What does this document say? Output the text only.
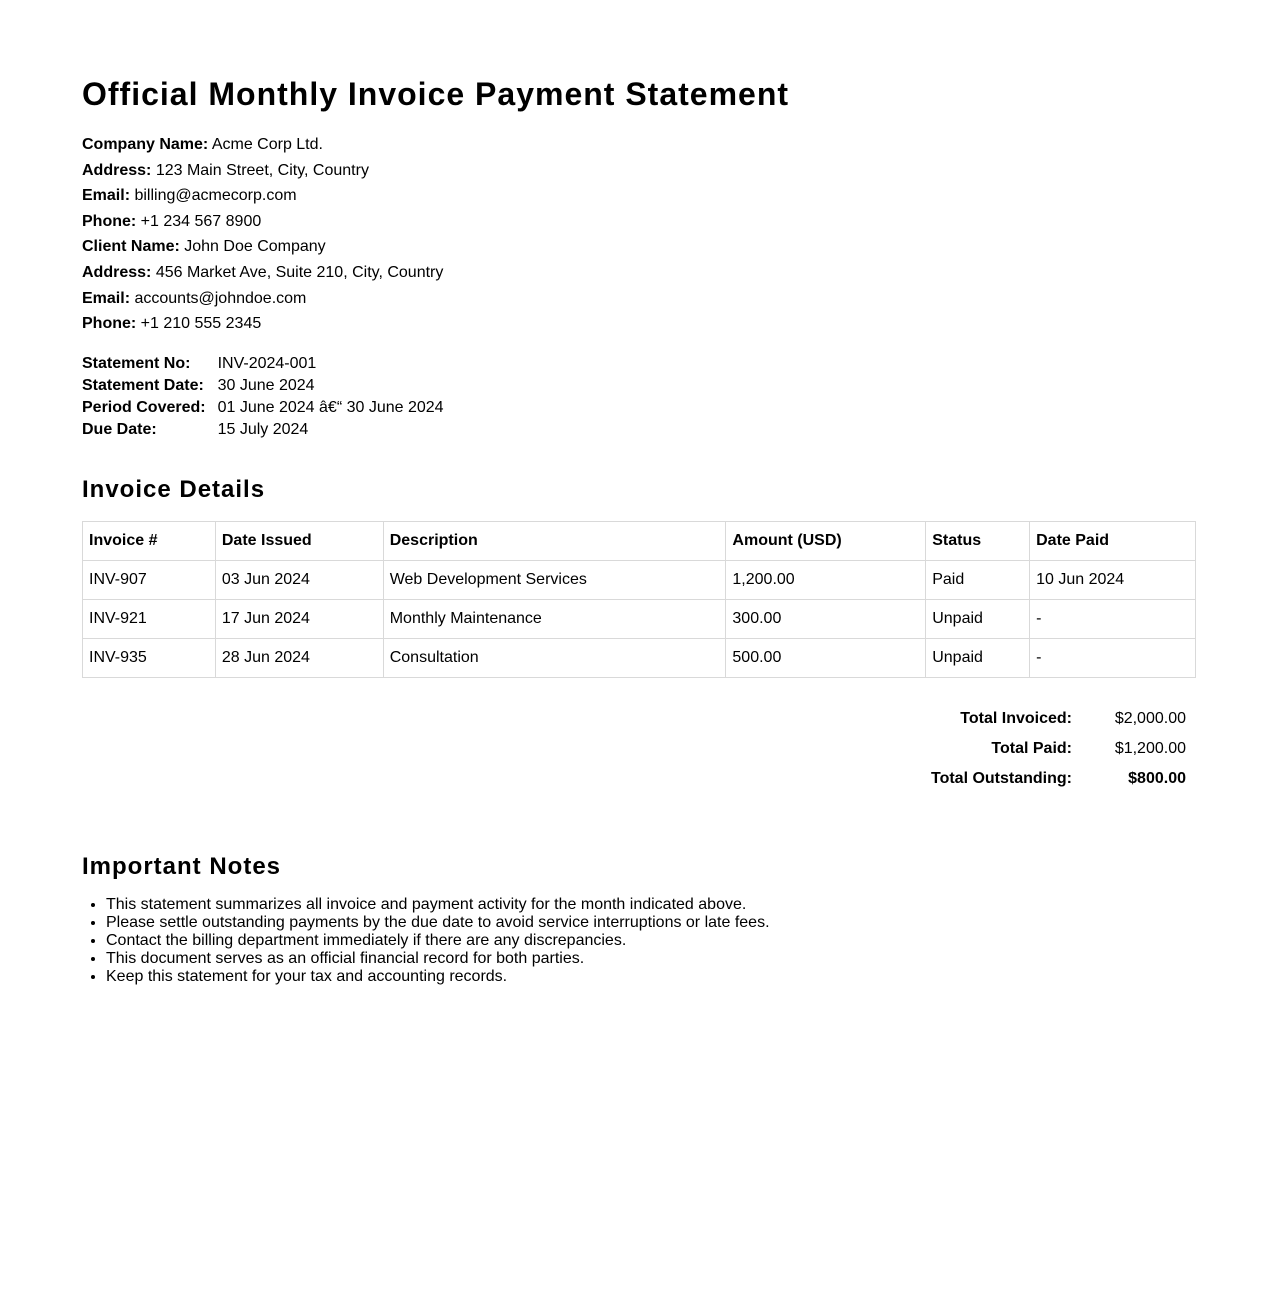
Official Monthly Invoice Payment Statement
Company Name: Acme Corp Ltd.
Address: 123 Main Street, City, Country
Email: billing@acmecorp.com
Phone: +1 234 567 8900
Client Name: John Doe Company
Address: 456 Market Ave, Suite 210, City, Country
Email: accounts@johndoe.com
Phone: +1 210 555 2345
Statement No:	INV-2024-001
Statement Date:	30 June 2024
Period Covered:	01 June 2024 â€“ 30 June 2024
Due Date:	15 July 2024
Invoice Details
Invoice #	Date Issued	Description	Amount (USD)	Status	Date Paid
INV-907	03 Jun 2024	Web Development Services	1,200.00	Paid	10 Jun 2024
INV-921	17 Jun 2024	Monthly Maintenance	300.00	Unpaid	-
INV-935	28 Jun 2024	Consultation	500.00	Unpaid	-
Total Invoiced:	$2,000.00
Total Paid:	$1,200.00
Total Outstanding:	$800.00
Important Notes
• This statement summarizes all invoice and payment activity for the month indicated above.
• Please settle outstanding payments by the due date to avoid service interruptions or late fees.
• Contact the billing department immediately if there are any discrepancies.
• This document serves as an official financial record for both parties.
• Keep this statement for your tax and accounting records.
